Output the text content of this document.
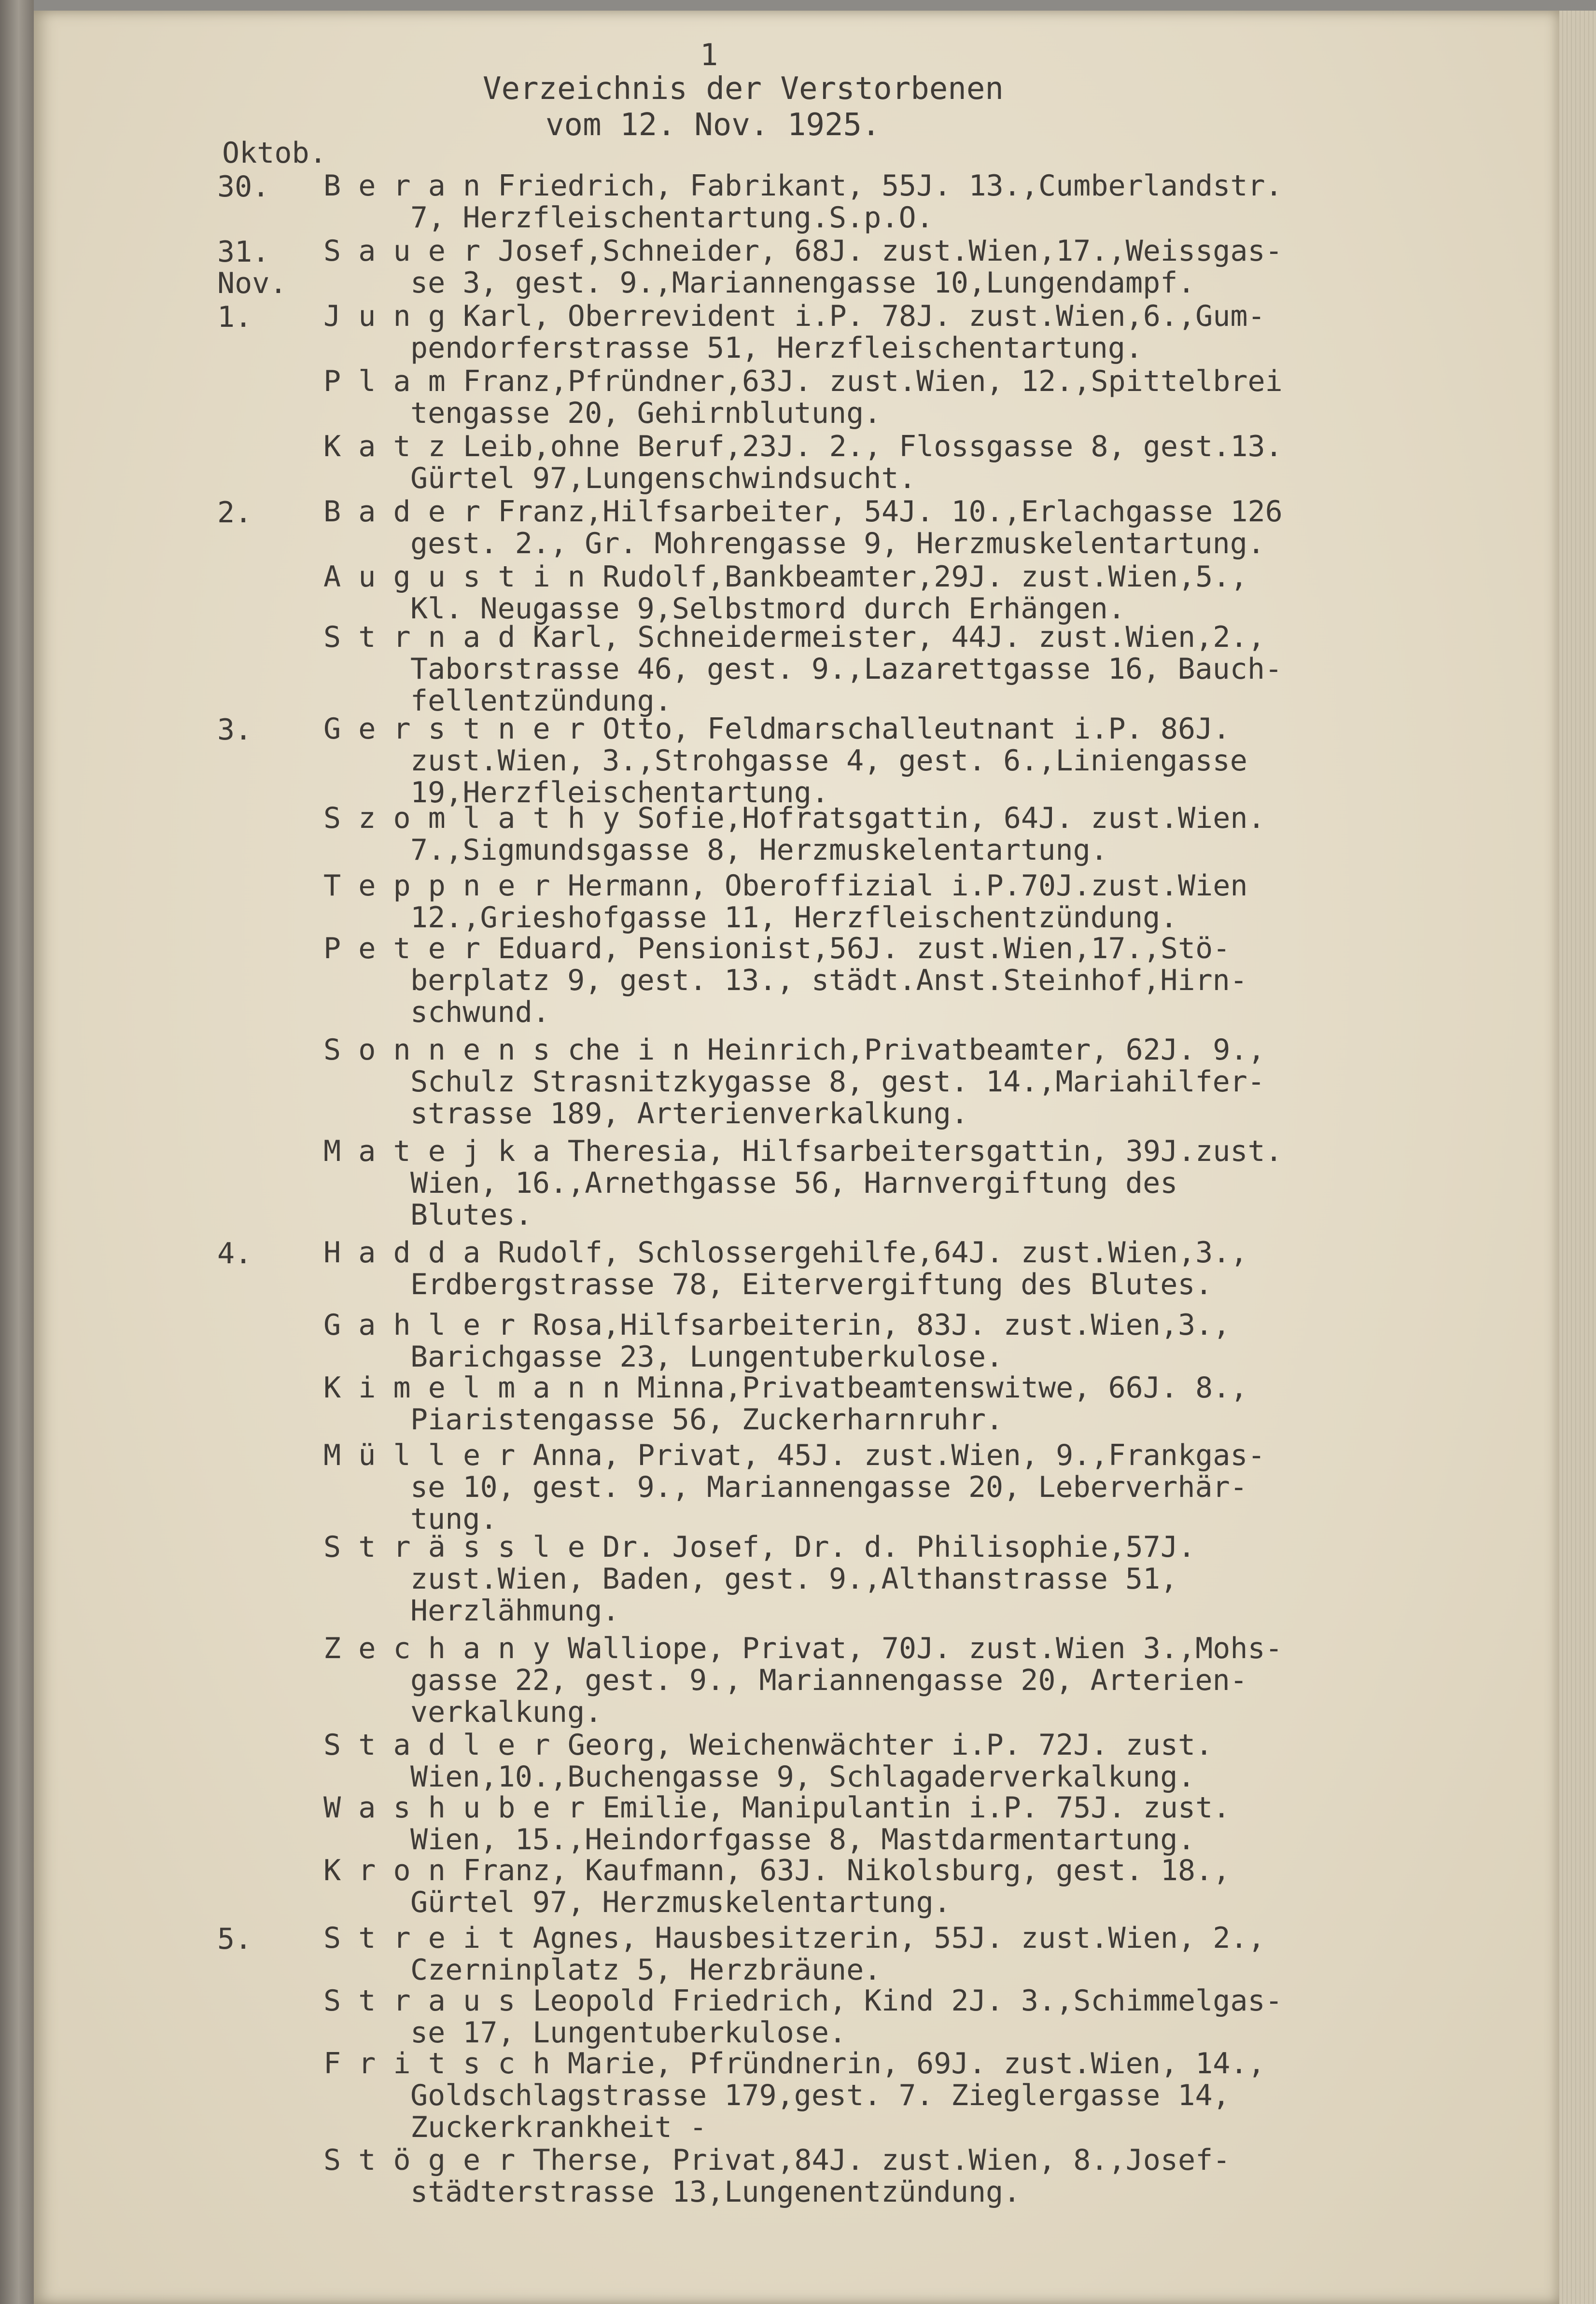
1
Verzeichnis der Verstorbenen
vom 12. Nov. 1925.
Oktob.
Nov.
30. B e r a n Friedrich, Fabrikant, 55J. 13.,Cumberlandstr.
7, Herzfleischentartung.S.p.O.
31. S a u e r Josef,Schneider, 68J. zust.Wien,17.,Weissgas-
se 3, gest. 9.,Mariannengasse 10,Lungendampf.
1. J u n g Karl, Oberrevident i.P. 78J. zust.Wien,6.,Gum-
pendorferstrasse 51, Herzfleischentartung.
P l a m Franz,Pfründner,63J. zust.Wien, 12.,Spittelbrei
tengasse 20, Gehirnblutung.
K a t z Leib,ohne Beruf,23J. 2., Flossgasse 8, gest.13.
Gürtel 97,Lungenschwindsucht.
2. B a d e r Franz,Hilfsarbeiter, 54J. 10.,Erlachgasse 126
gest. 2., Gr. Mohrengasse 9, Herzmuskelentartung.
A u g u s t i n Rudolf,Bankbeamter,29J. zust.Wien,5.,
Kl. Neugasse 9,Selbstmord durch Erhängen.
S t r n a d Karl, Schneidermeister, 44J. zust.Wien,2.,
Taborstrasse 46, gest. 9.,Lazarettgasse 16, Bauch-
fellentzündung.
3. G e r s t n e r Otto, Feldmarschalleutnant i.P. 86J.
zust.Wien, 3.,Strohgasse 4, gest. 6.,Liniengasse
19,Herzfleischentartung.
S z o m l a t h y Sofie,Hofratsgattin, 64J. zust.Wien.
7.,Sigmundsgasse 8, Herzmuskelentartung.
T e p p n e r Hermann, Oberoffizial i.P.70J.zust.Wien
12.,Grieshofgasse 11, Herzfleischentzündung.
P e t e r Eduard, Pensionist,56J. zust.Wien,17.,Stö-
berplatz 9, gest. 13., städt.Anst.Steinhof,Hirn-
schwund.
S o n n e n s che i n Heinrich,Privatbeamter, 62J. 9.,
Schulz Strasnitzkygasse 8, gest. 14.,Mariahilfer-
strasse 189, Arterienverkalkung.
M a t e j k a Theresia, Hilfsarbeitersgattin, 39J.zust.
Wien, 16.,Arnethgasse 56, Harnvergiftung des
Blutes.
4. H a d d a Rudolf, Schlossergehilfe,64J. zust.Wien,3.,
Erdbergstrasse 78, Eitervergiftung des Blutes.
G a h l e r Rosa,Hilfsarbeiterin, 83J. zust.Wien,3.,
Barichgasse 23, Lungentuberkulose.
K i m e l m a n n Minna,Privatbeamtenswitwe, 66J. 8.,
Piaristengasse 56, Zuckerharnruhr.
M ü l l e r Anna, Privat, 45J. zust.Wien, 9.,Frankgas-
se 10, gest. 9., Mariannengasse 20, Leberverhär-
tung.
S t r ä s s l e Dr. Josef, Dr. d. Philisophie,57J.
zust.Wien, Baden, gest. 9.,Althanstrasse 51,
Herzlähmung.
Z e c h a n y Walliope, Privat, 70J. zust.Wien 3.,Mohs-
gasse 22, gest. 9., Mariannengasse 20, Arterien-
verkalkung.
S t a d l e r Georg, Weichenwächter i.P. 72J. zust.
Wien,10.,Buchengasse 9, Schlagaderverkalkung.
W a s h u b e r Emilie, Manipulantin i.P. 75J. zust.
Wien, 15.,Heindorfgasse 8, Mastdarmentartung.
K r o n Franz, Kaufmann, 63J. Nikolsburg, gest. 18.,
Gürtel 97, Herzmuskelentartung.
5. S t r e i t Agnes, Hausbesitzerin, 55J. zust.Wien, 2.,
Czerninplatz 5, Herzbräune.
S t r a u s Leopold Friedrich, Kind 2J. 3.,Schimmelgas-
se 17, Lungentuberkulose.
F r i t s c h Marie, Pfründnerin, 69J. zust.Wien, 14.,
Goldschlagstrasse 179,gest. 7. Zieglergasse 14,
Zuckerkrankheit -
S t ö g e r Therse, Privat,84J. zust.Wien, 8.,Josef-
städterstrasse 13,Lungenentzündung.
